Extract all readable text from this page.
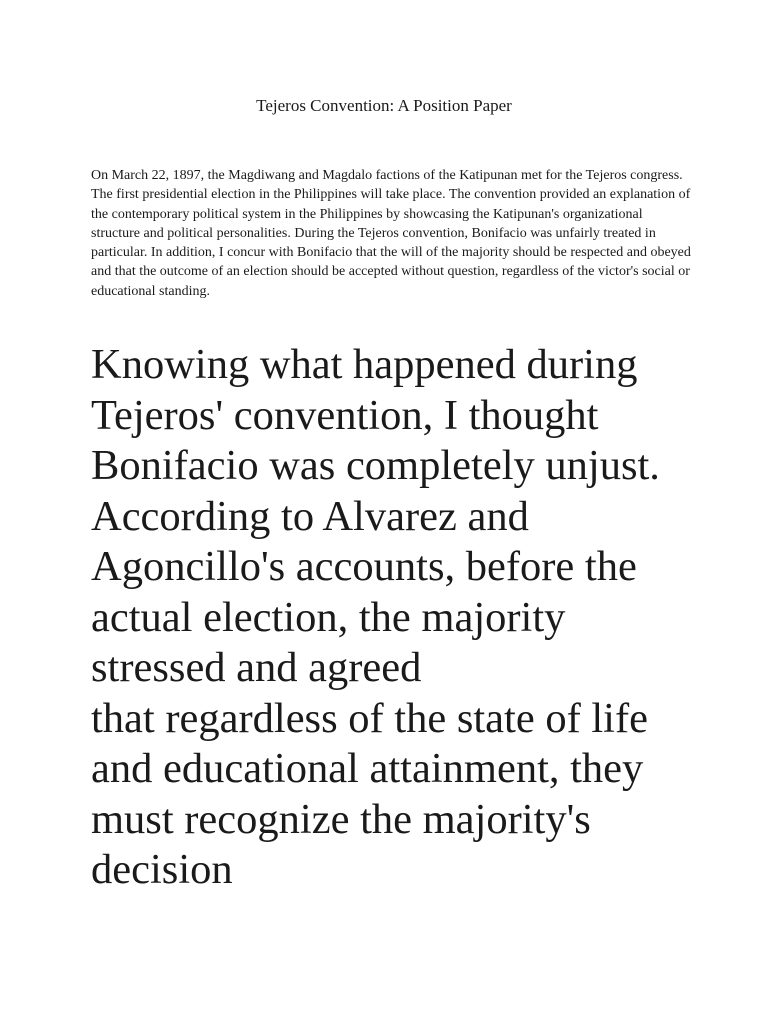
Tejeros Convention: A Position Paper

On March 22, 1897, the Magdiwang and Magdalo factions of the Katipunan met for the Tejeros congress. The first presidential election in the Philippines will take place. The convention provided an explanation of the contemporary political system in the Philippines by showcasing the Katipunan's organizational structure and political personalities. During the Tejeros convention, Bonifacio was unfairly treated in particular. In addition, I concur with Bonifacio that the will of the majority should be respected and obeyed and that the outcome of an election should be accepted without question, regardless of the victor's social or educational standing.

Knowing what happened during
Tejeros' convention, I thought
Bonifacio was completely unjust.
According to Alvarez and
Agoncillo's accounts, before the
actual election, the majority
stressed and agreed
that regardless of the state of life
and educational attainment, they
must recognize the majority's
decision
